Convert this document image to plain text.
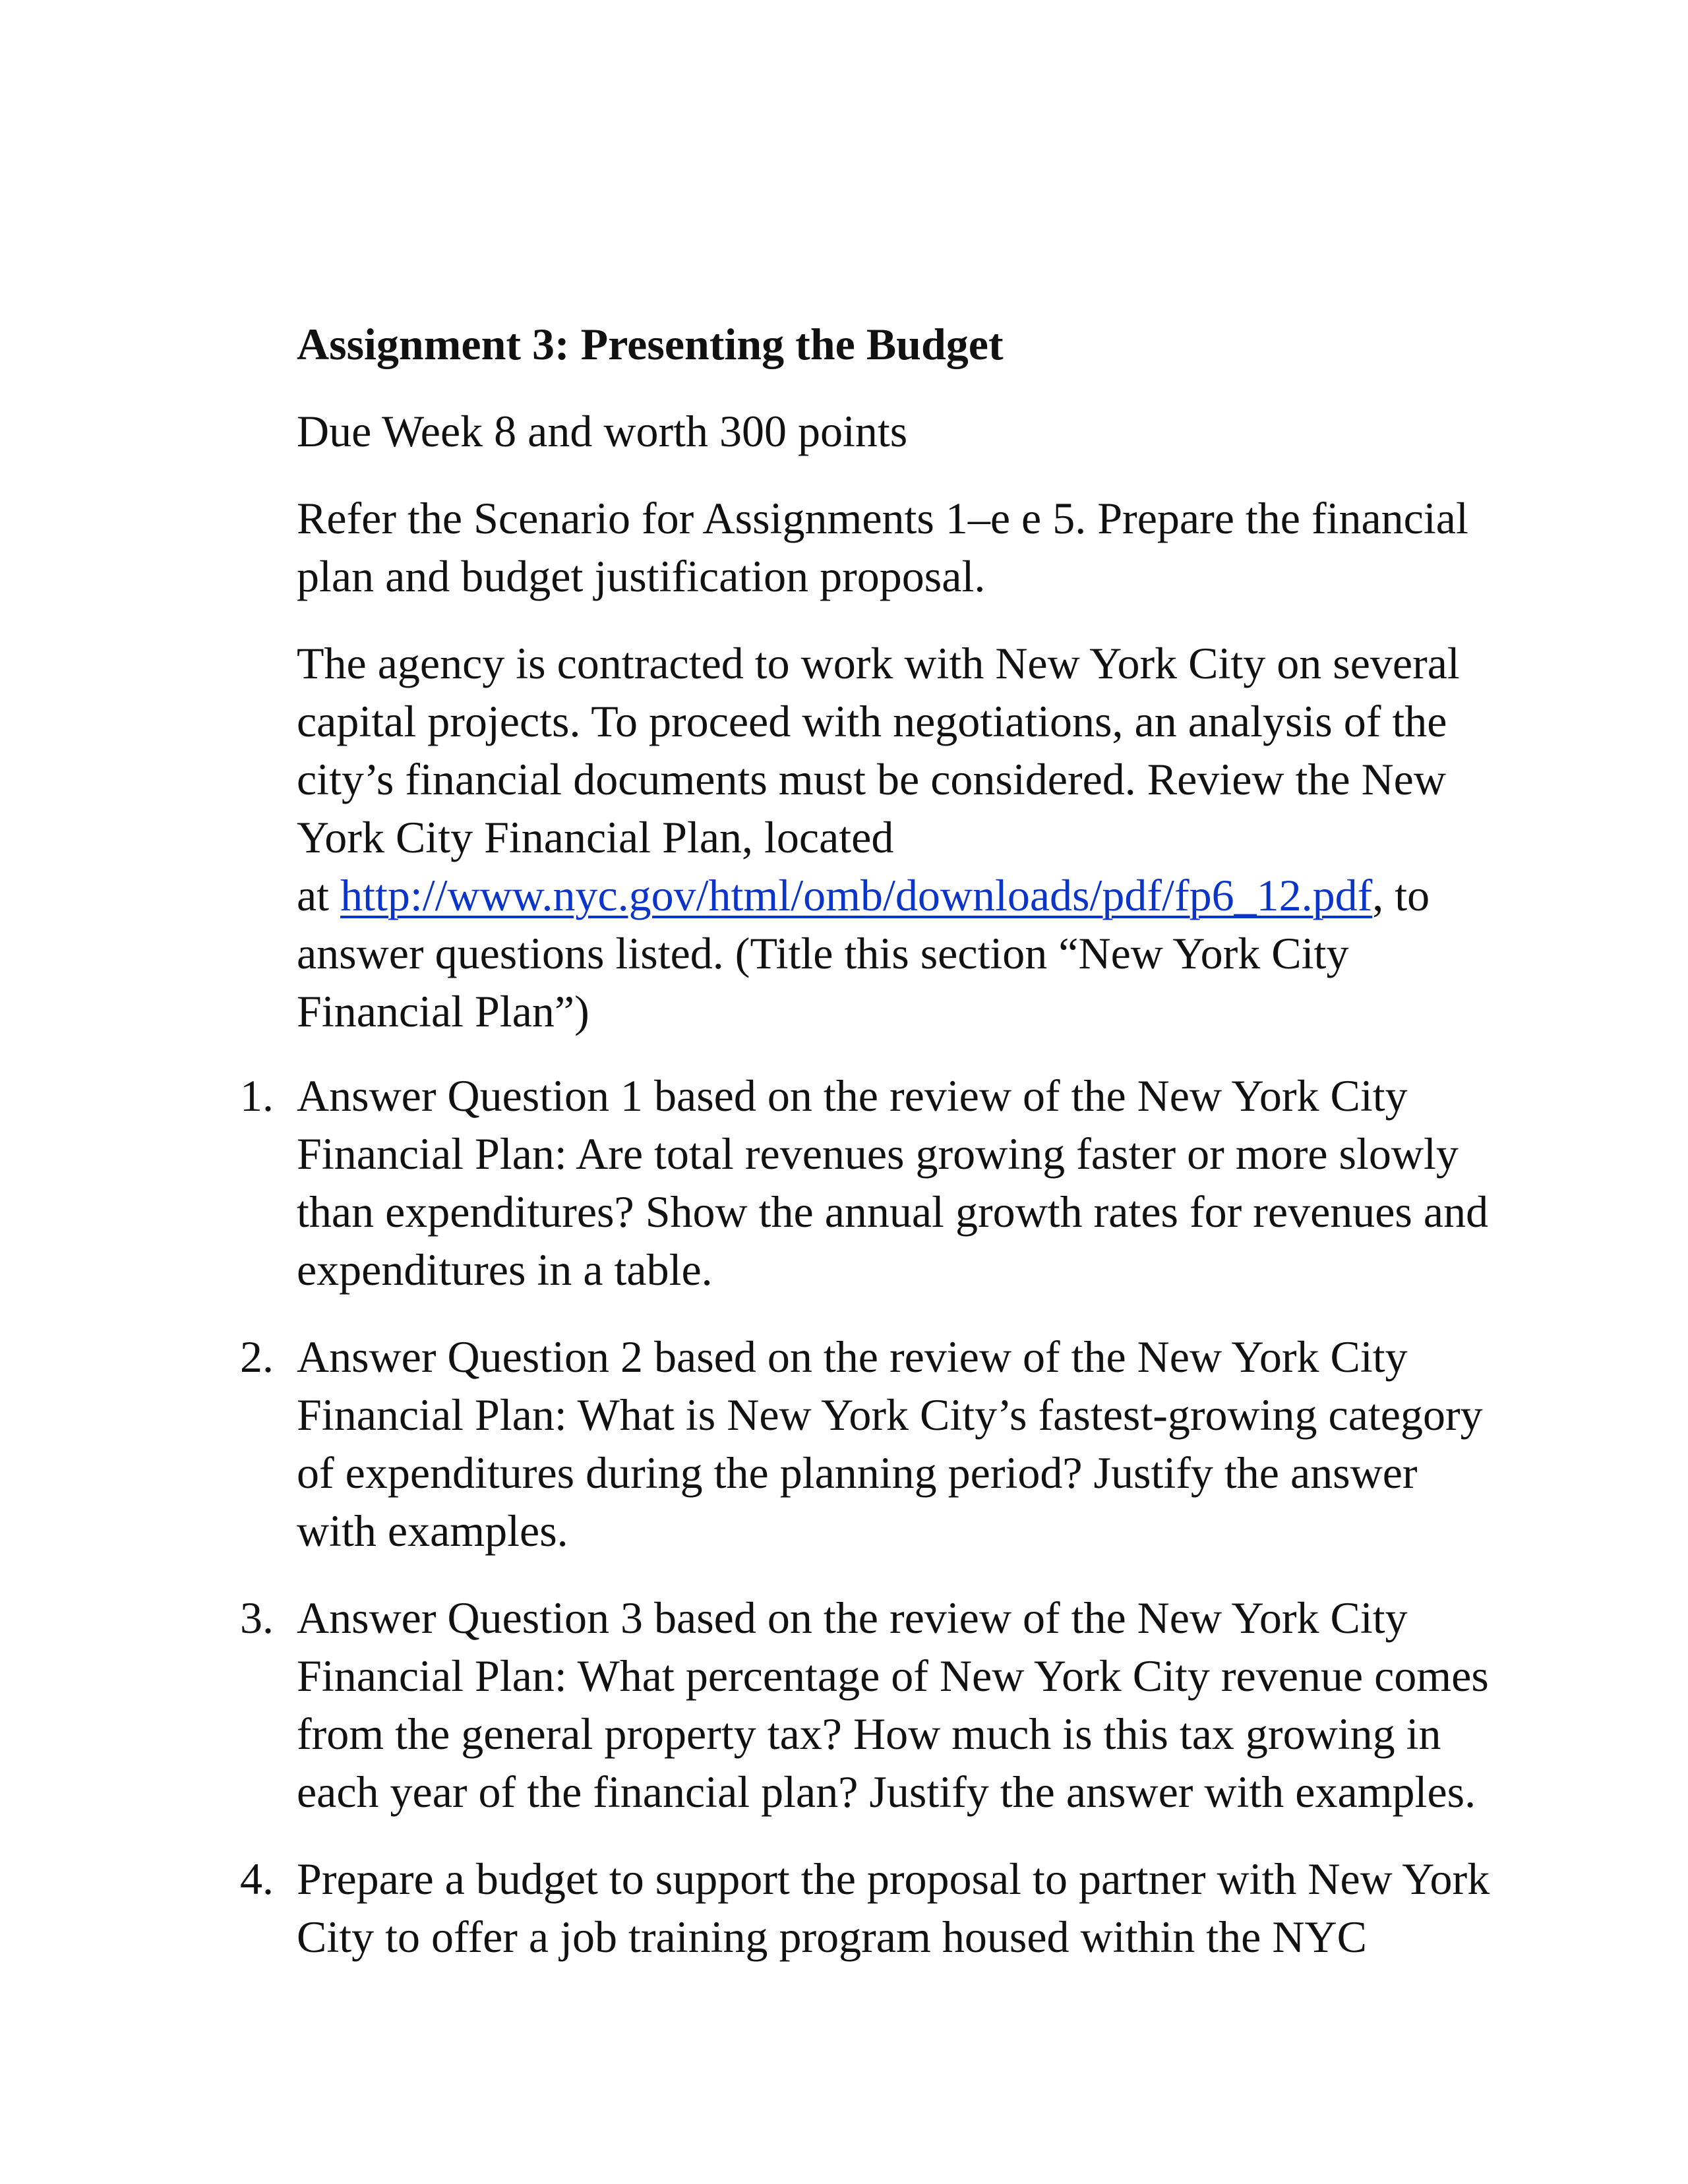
Assignment 3: Presenting the Budget

Due Week 8 and worth 300 points

Refer the Scenario for Assignments 1–e e 5. Prepare the financial
plan and budget justification proposal.

The agency is contracted to work with New York City on several
capital projects. To proceed with negotiations, an analysis of the
city’s financial documents must be considered. Review the New
York City Financial Plan, located
at http://www.nyc.gov/html/omb/downloads/pdf/fp6_12.pdf, to
answer questions listed. (Title this section “New York City
Financial Plan”)

1. Answer Question 1 based on the review of the New York City
Financial Plan: Are total revenues growing faster or more slowly
than expenditures? Show the annual growth rates for revenues and
expenditures in a table.
2. Answer Question 2 based on the review of the New York City
Financial Plan: What is New York City’s fastest-growing category
of expenditures during the planning period? Justify the answer
with examples.
3. Answer Question 3 based on the review of the New York City
Financial Plan: What percentage of New York City revenue comes
from the general property tax? How much is this tax growing in
each year of the financial plan? Justify the answer with examples.
4. Prepare a budget to support the proposal to partner with New York
City to offer a job training program housed within the NYC
